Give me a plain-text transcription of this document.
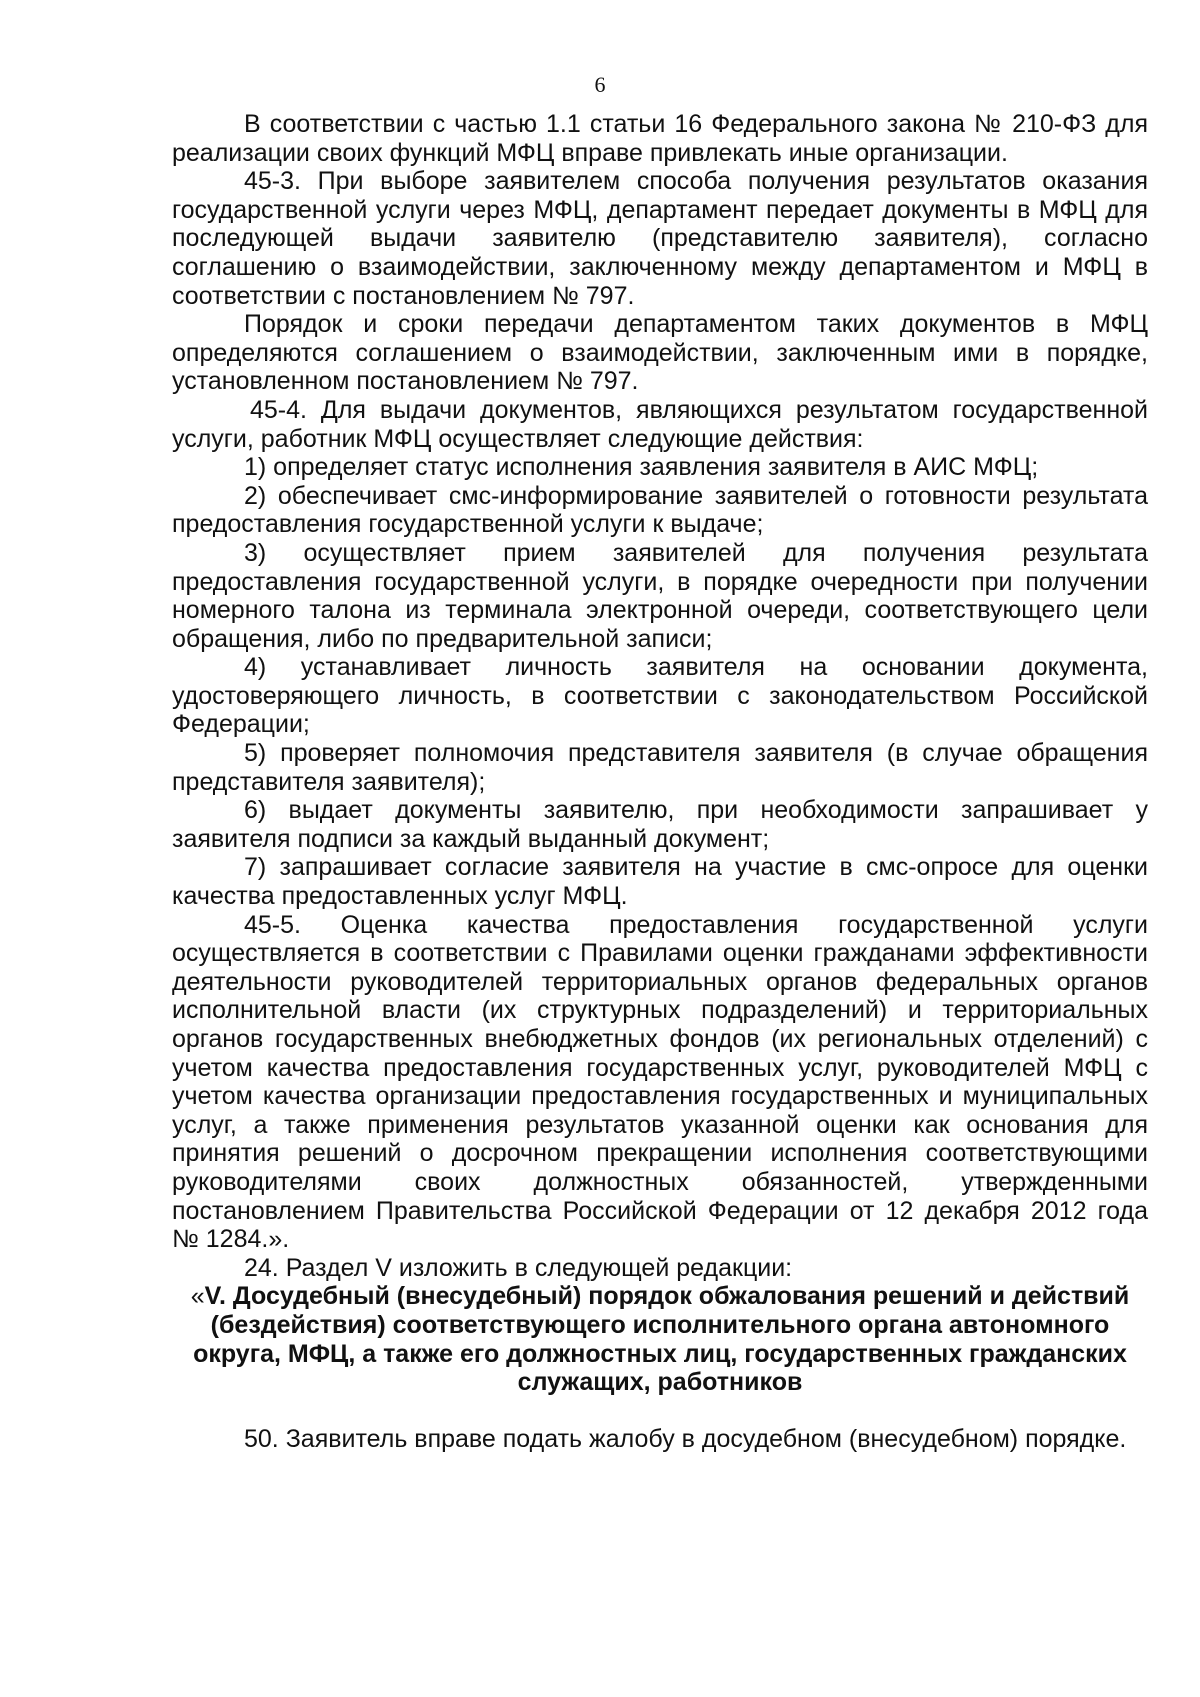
6

В соответствии с частью 1.1 статьи 16 Федерального закона № 210-ФЗ для реализации своих функций МФЦ вправе привлекать иные организации.

45-3. При выборе заявителем способа получения результатов оказания государственной услуги через МФЦ, департамент передает документы в МФЦ для последующей выдачи заявителю (представителю заявителя), согласно соглашению о взаимодействии, заключенному между департаментом и МФЦ в соответствии с постановлением № 797.

Порядок и сроки передачи департаментом таких документов в МФЦ определяются соглашением о взаимодействии, заключенным ими в порядке, установленном постановлением № 797.

45-4. Для выдачи документов, являющихся результатом государственной услуги, работник МФЦ осуществляет следующие действия:

1) определяет статус исполнения заявления заявителя в АИС МФЦ;

2) обеспечивает смс-информирование заявителей о готовности результата предоставления государственной услуги к выдаче;

3) осуществляет прием заявителей для получения результата предоставления государственной услуги, в порядке очередности при получении номерного талона из терминала электронной очереди, соответствующего цели обращения, либо по предварительной записи;

4) устанавливает личность заявителя на основании документа, удостоверяющего личность, в соответствии с законодательством Российской Федерации;

5) проверяет полномочия представителя заявителя (в случае обращения представителя заявителя);

6) выдает документы заявителю, при необходимости запрашивает у заявителя подписи за каждый выданный документ;

7) запрашивает согласие заявителя на участие в смс-опросе для оценки качества предоставленных услуг МФЦ.

45-5. Оценка качества предоставления государственной услуги осуществляется в соответствии с Правилами оценки гражданами эффективности деятельности руководителей территориальных органов федеральных органов исполнительной власти (их структурных подразделений) и территориальных органов государственных внебюджетных фондов (их региональных отделений) с учетом качества предоставления государственных услуг, руководителей МФЦ с учетом качества организации предоставления государственных и муниципальных услуг, а также применения результатов указанной оценки как основания для принятия решений о досрочном прекращении исполнения соответствующими руководителями своих должностных обязанностей, утвержденными постановлением Правительства Российской Федерации от 12 декабря 2012 года № 1284.».

24. Раздел V изложить в следующей редакции:

«V. Досудебный (внесудебный) порядок обжалования решений и действий (бездействия) соответствующего исполнительного органа автономного округа, МФЦ, а также его должностных лиц, государственных гражданских служащих, работников

50. Заявитель вправе подать жалобу в досудебном (внесудебном) порядке.
